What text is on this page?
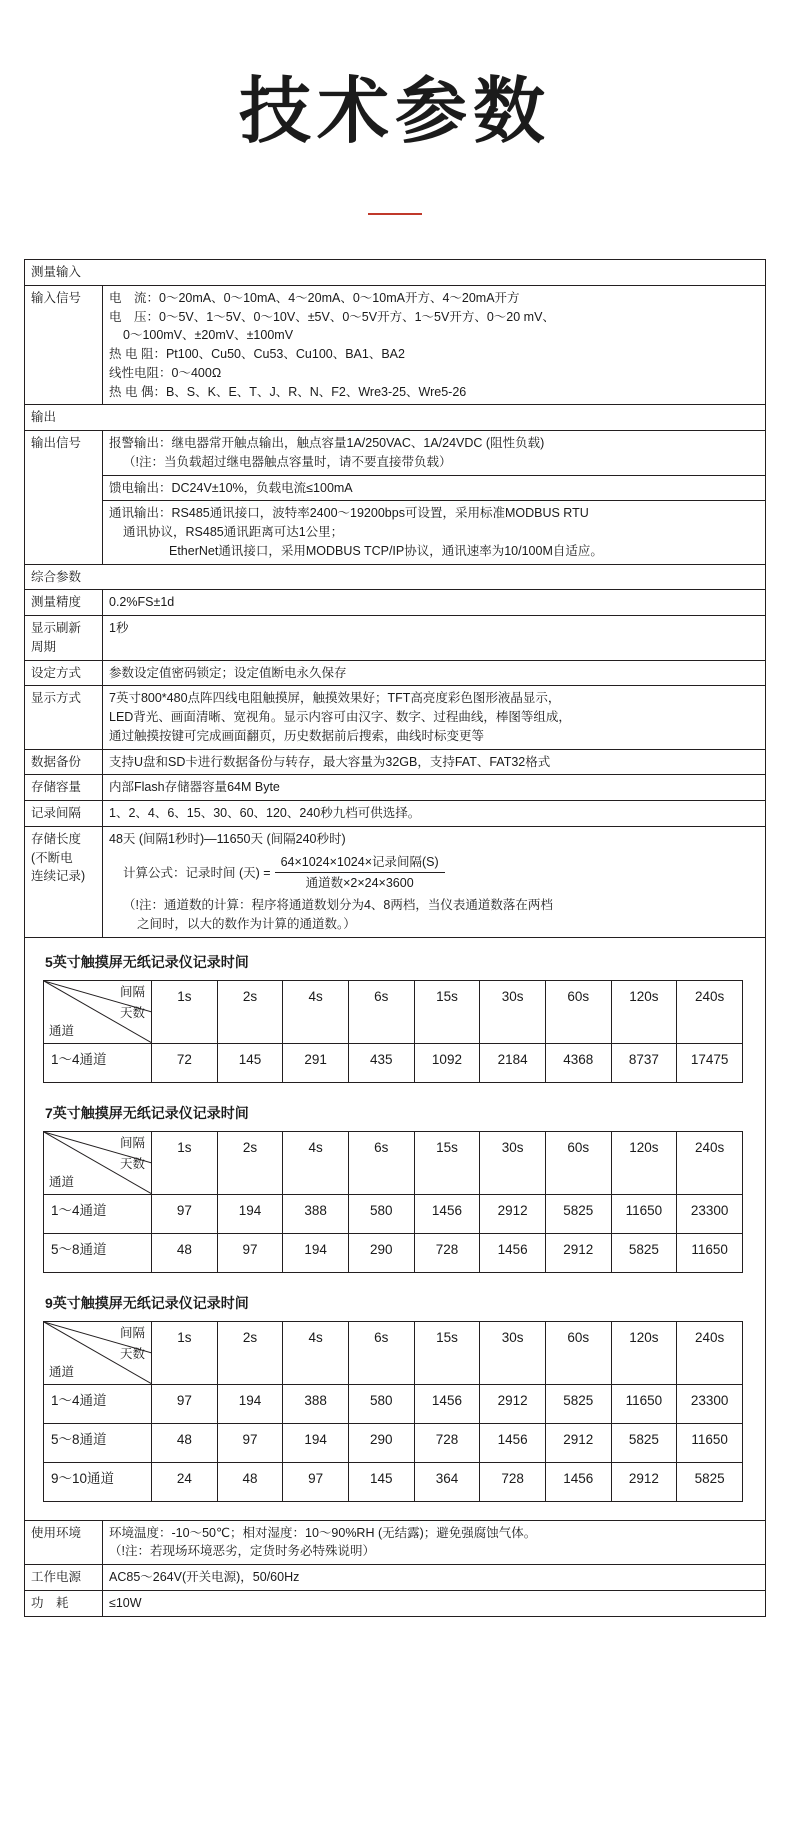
技术参数
测量输入
输入信号	电　流：0～20mA、0～10mA、4～20mA、0～10mA开方、4～20mA开方
电　压：0～5V、1～5V、0～10V、±5V、0～5V开方、1～5V开方、0～20 mV、
0～100mV、±20mV、±100mV
热 电 阻：Pt100、Cu50、Cu53、Cu100、BA1、BA2
线性电阻：0～400Ω
热 电 偶：B、S、K、E、T、J、R、N、F2、Wre3-25、Wre5-26

输出
输出信号	报警输出：继电器常开触点输出，触点容量1A/250VAC、1A/24VDC (阻性负载)
（!注：当负载超过继电器触点容量时，请不要直接带负载）
馈电输出：DC24V±10%，负载电流≤100mA
通讯输出：RS485通讯接口，波特率2400～19200bps可设置，采用标准MODBUS RTU
通讯协议，RS485通讯距离可达1公里；
EtherNet通讯接口，采用MODBUS TCP/IP协议，通讯速率为10/100M自适应。

综合参数
测量精度	0.2%FS±1d

显示刷新
周期
	1秒
设定方式	参数设定值密码锁定；设定值断电永久保存
显示方式	7英寸800*480点阵四线电阻触摸屏，触摸效果好；TFT高亮度彩色图形液晶显示，
LED背光、画面清晰、宽视角。显示内容可由汉字、数字、过程曲线，棒图等组成，
通过触摸按键可完成画面翻页，历史数据前后搜索，曲线时标变更等

数据备份	支持U盘和SD卡进行数据备份与转存，最大容量为32GB，支持FAT、FAT32格式
存储容量	内部Flash存储器容量64M Byte
记录间隔	1、2、4、6、15、30、60、120、240秒九档可供选择。

存储长度
(不断电
连续记录)

48天 (间隔1秒时)—11650天 (间隔240秒时)
计算公式：记录时间 (天) = $\frac{\text{64×1024×1024×记录间隔(S)}}{\text{通道数×2×24×3600}}$
（!注：通道数的计算：程序将通道数划分为4、8两档，当仪表通道数落在两档
之间时，以大的数作为计算的通道数。）

5英寸触摸屏无纸记录仪记录时间
间隔
天数
通道
	1s	2s	4s	6s	15s	30s	60s	120s	240s
1～4通道	72	145	291	435	1092	2184	4368	8737	17475
7英寸触摸屏无纸记录仪记录时间
间隔
天数
通道
	1s	2s	4s	6s	15s	30s	60s	120s	240s
1～4通道	97	194	388	580	1456	2912	5825	11650	23300
5～8通道	48	97	194	290	728	1456	2912	5825	11650
9英寸触摸屏无纸记录仪记录时间
间隔
天数
通道
	1s	2s	4s	6s	15s	30s	60s	120s	240s
1～4通道	97	194	388	580	1456	2912	5825	11650	23300
5～8通道	48	97	194	290	728	1456	2912	5825	11650
9～10通道	24	48	97	145	364	728	1456	2912	5825

使用环境	环境温度：-10～50℃；相对湿度：10～90%RH (无结露)；避免强腐蚀气体。
（!注：若现场环境恶劣，定货时务必特殊说明）

工作电源	AC85～264V(开关电源)，50/60Hz
功　耗	≤10W
